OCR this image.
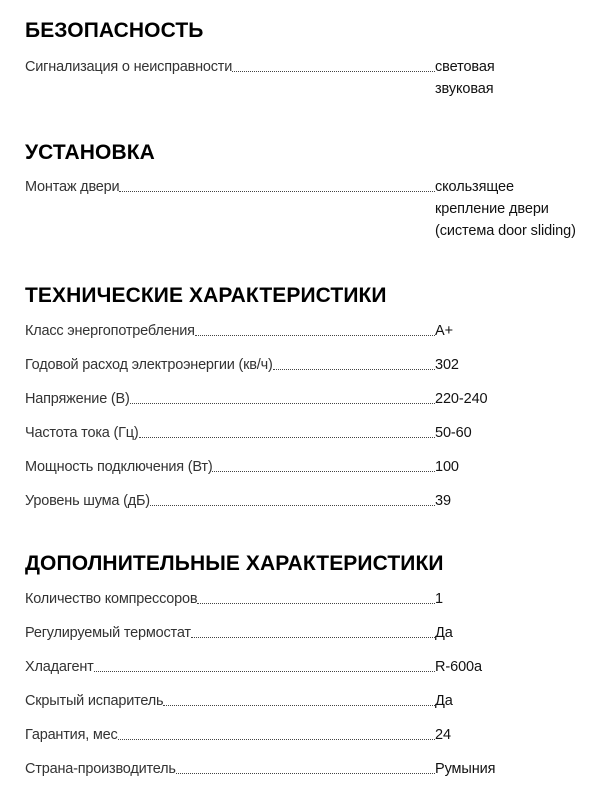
БЕЗОПАСНОСТЬ
Сигнализация о неисправности	световая
звуковая
УСТАНОВКА
Монтаж двери	скользящее
крепление двери
(система door sliding)
ТЕХНИЧЕСКИЕ ХАРАКТЕРИСТИКИ
Класс энергопотребления	A+
Годовой расход электроэнергии (кв/ч)	302
Напряжение (В)	220-240
Частота тока (Гц)	50-60
Мощность подключения (Вт)	100
Уровень шума (дБ)	39
ДОПОЛНИТЕЛЬНЫЕ ХАРАКТЕРИСТИКИ
Количество компрессоров	1
Регулируемый термостат	Да
Хладагент	R-600a
Скрытый испаритель	Да
Гарантия, мес	24
Страна-производитель	Румыния
